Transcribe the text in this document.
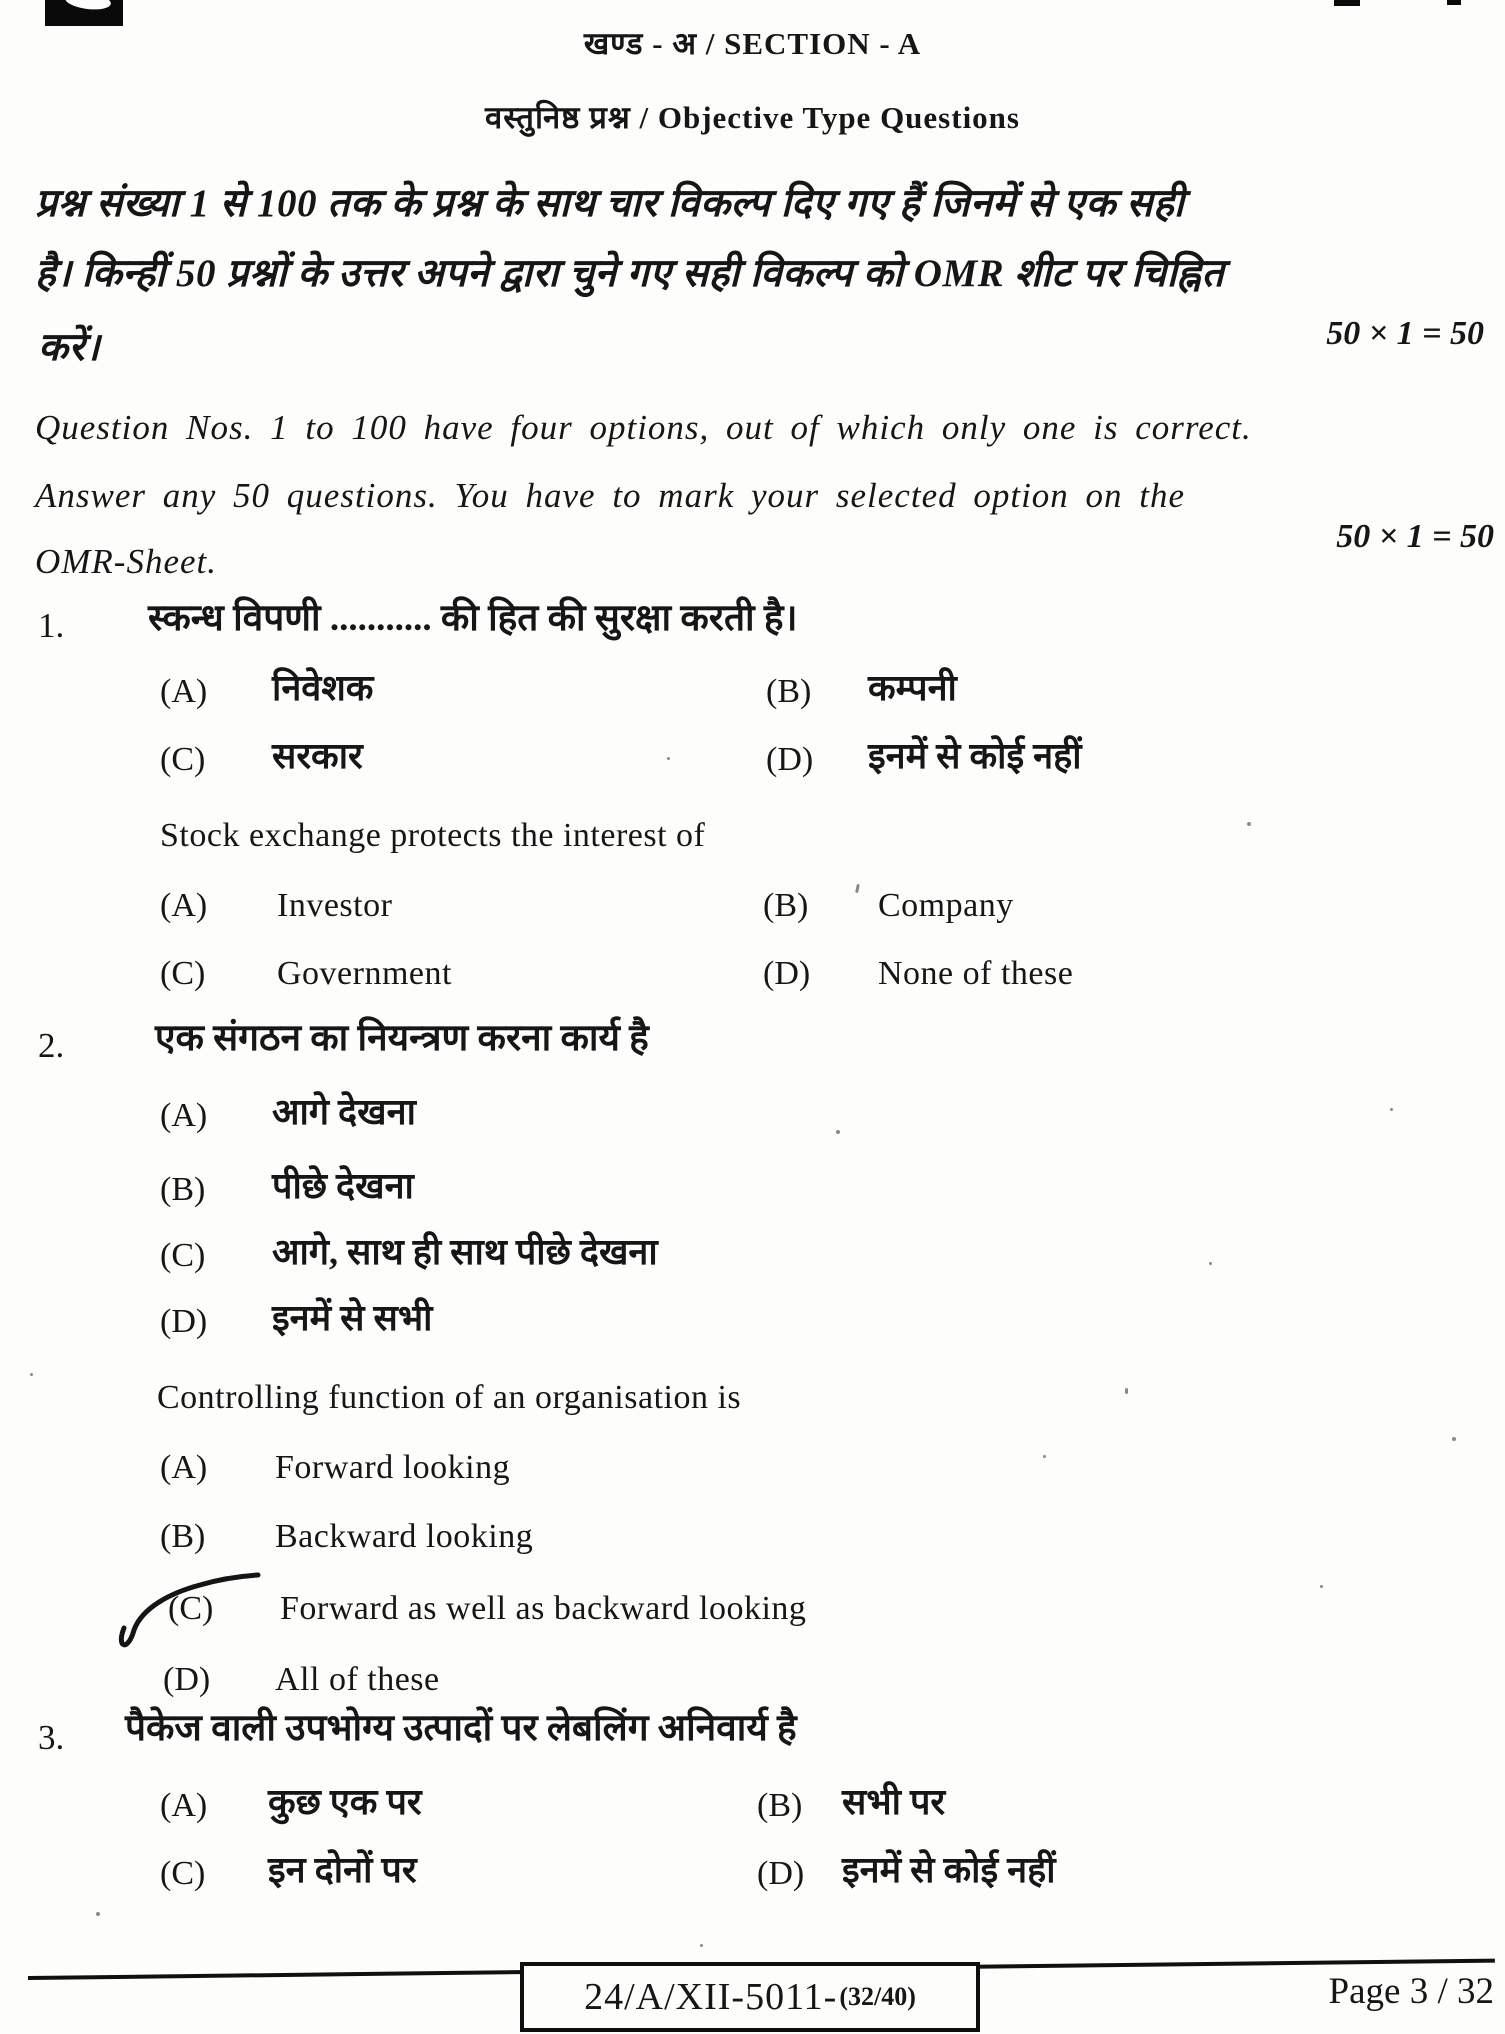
खण्ड - अ / SECTION - A
वस्तुनिष्ठ प्रश्न / Objective Type Questions
प्रश्न संख्या 1 से 100 तक के प्रश्न के साथ चार विकल्प दिए गए हैं जिनमें से एक सही
है। किन्हीं 50 प्रश्नों के उत्तर अपने द्वारा चुने गए सही विकल्प को OMR शीट पर चिह्नित
करें।	50 × 1 = 50
Question Nos. 1 to 100 have four options, out of which only one is correct.
Answer any 50 questions. You have to mark your selected option on the
OMR-Sheet.
50 × 1 = 50
1. स्कन्ध विपणी ........... की हित की सुरक्षा करती है।
(A) निवेशक	(B) कम्पनी
(C) सरकार	(D) इनमें से कोई नहीं
Stock exchange protects the interest of
(A) Investor	(B) Company
(C) Government	(D) None of these
2. एक संगठन का नियन्त्रण करना कार्य है
(A) आगे देखना
(B) पीछे देखना
(C) आगे, साथ ही साथ पीछे देखना
(D) इनमें से सभी
Controlling function of an organisation is
(A) Forward looking
(B) Backward looking
(C) Forward as well as backward looking
(D) All of these
3. पैकेज वाली उपभोग्य उत्पादों पर लेबलिंग अनिवार्य है
(A) कुछ एक पर	(B) सभी पर
(C) इन दोनों पर	(D) इनमें से कोई नहीं
24/A/XII-5011- (32/40)	Page 3 / 32
